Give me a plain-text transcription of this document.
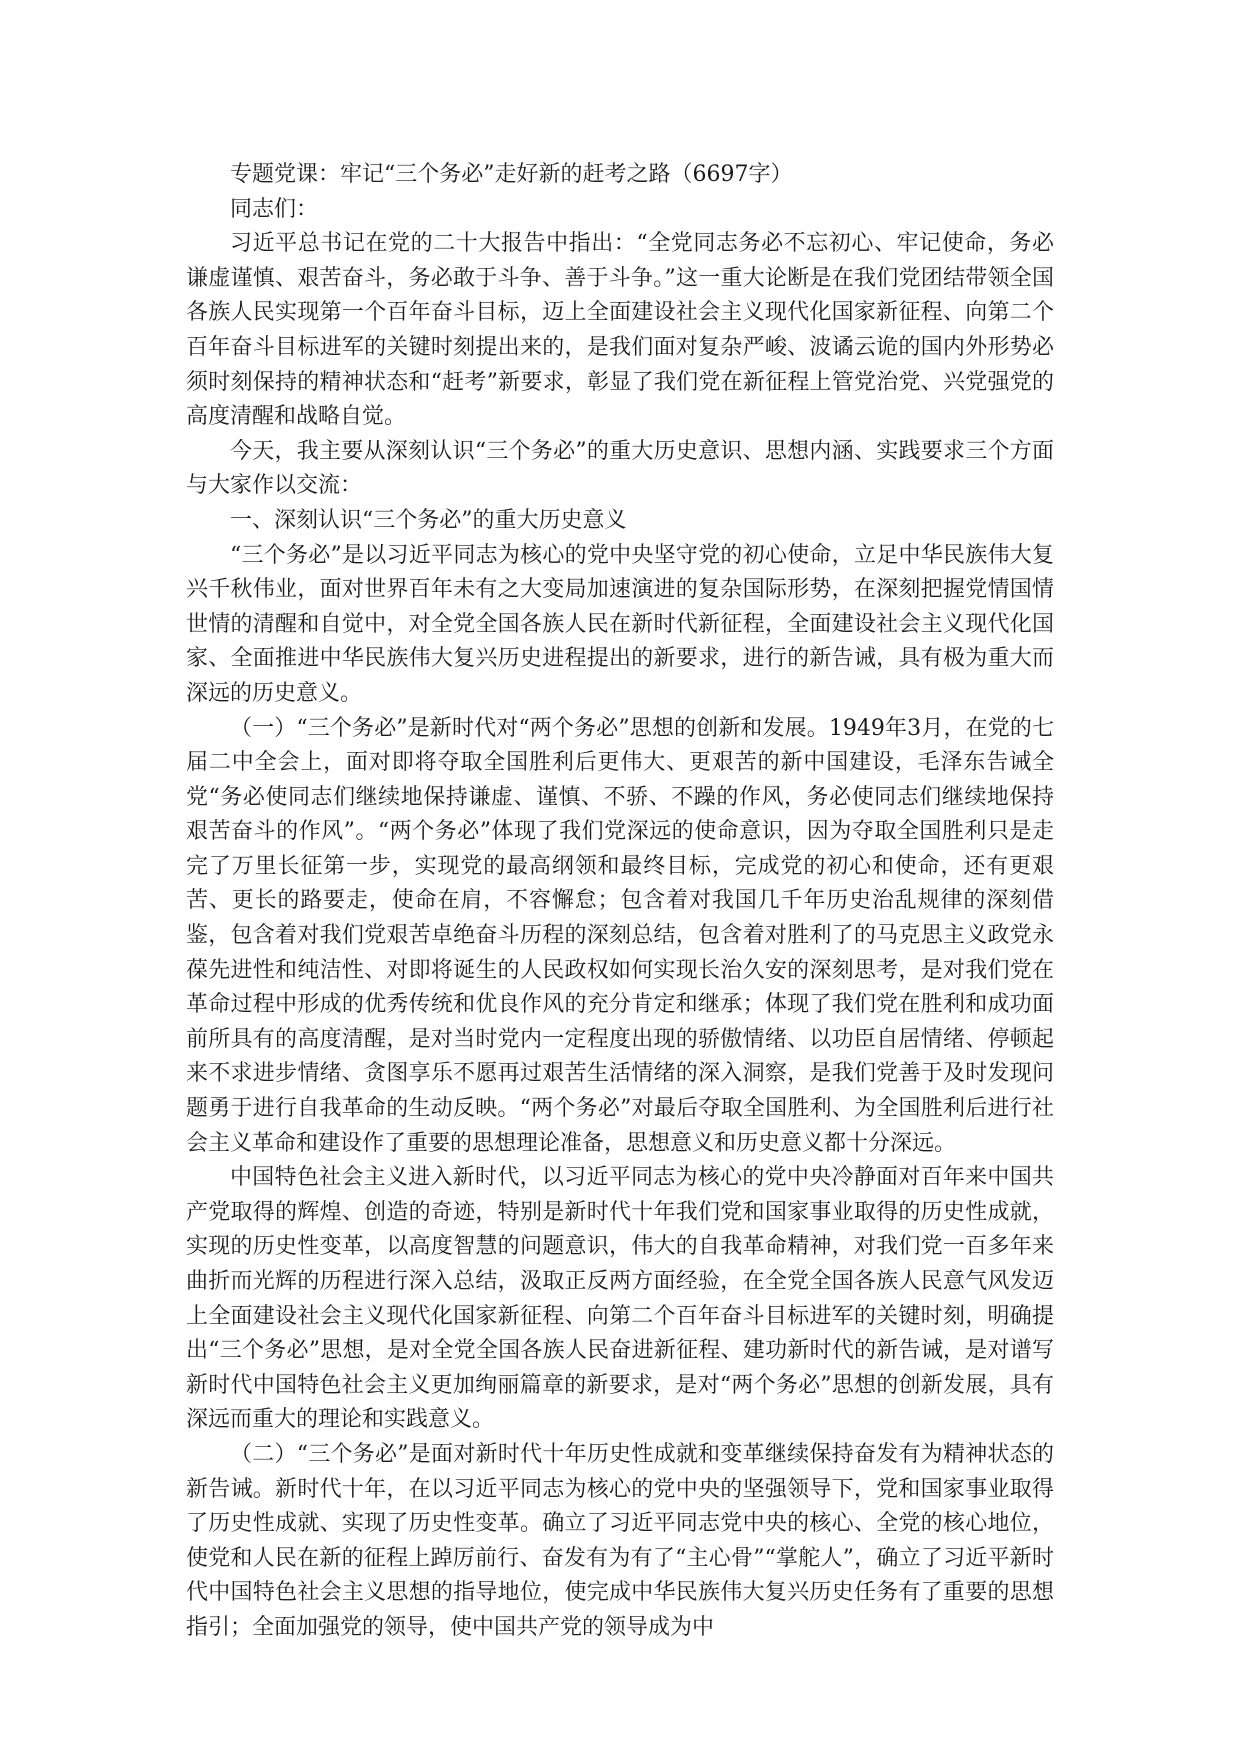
专题党课：牢记“三个务必”走好新的赶考之路（6697字）

同志们：

习近平总书记在党的二十大报告中指出：“全党同志务必不忘初心、牢记使命，务必谦虚谨慎、艰苦奋斗，务必敢于斗争、善于斗争。”这一重大论断是在我们党团结带领全国各族人民实现第一个百年奋斗目标，迈上全面建设社会主义现代化国家新征程、向第二个百年奋斗目标进军的关键时刻提出来的，是我们面对复杂严峻、波谲云诡的国内外形势必须时刻保持的精神状态和“赶考”新要求，彰显了我们党在新征程上管党治党、兴党强党的高度清醒和战略自觉。

今天，我主要从深刻认识“三个务必”的重大历史意识、思想内涵、实践要求三个方面与大家作以交流：

一、深刻认识“三个务必”的重大历史意义

“三个务必”是以习近平同志为核心的党中央坚守党的初心使命，立足中华民族伟大复兴千秋伟业，面对世界百年未有之大变局加速演进的复杂国际形势，在深刻把握党情国情世情的清醒和自觉中，对全党全国各族人民在新时代新征程，全面建设社会主义现代化国家、全面推进中华民族伟大复兴历史进程提出的新要求，进行的新告诫，具有极为重大而深远的历史意义。

（一）“三个务必”是新时代对“两个务必”思想的创新和发展。1949年3月，在党的七届二中全会上，面对即将夺取全国胜利后更伟大、更艰苦的新中国建设，毛泽东告诫全党“务必使同志们继续地保持谦虚、谨慎、不骄、不躁的作风，务必使同志们继续地保持艰苦奋斗的作风”。“两个务必”体现了我们党深远的使命意识，因为夺取全国胜利只是走完了万里长征第一步，实现党的最高纲领和最终目标，完成党的初心和使命，还有更艰苦、更长的路要走，使命在肩，不容懈怠；包含着对我国几千年历史治乱规律的深刻借鉴，包含着对我们党艰苦卓绝奋斗历程的深刻总结，包含着对胜利了的马克思主义政党永葆先进性和纯洁性、对即将诞生的人民政权如何实现长治久安的深刻思考，是对我们党在革命过程中形成的优秀传统和优良作风的充分肯定和继承；体现了我们党在胜利和成功面前所具有的高度清醒，是对当时党内一定程度出现的骄傲情绪、以功臣自居情绪、停顿起来不求进步情绪、贪图享乐不愿再过艰苦生活情绪的深入洞察，是我们党善于及时发现问题勇于进行自我革命的生动反映。“两个务必”对最后夺取全国胜利、为全国胜利后进行社会主义革命和建设作了重要的思想理论准备，思想意义和历史意义都十分深远。

中国特色社会主义进入新时代，以习近平同志为核心的党中央冷静面对百年来中国共产党取得的辉煌、创造的奇迹，特别是新时代十年我们党和国家事业取得的历史性成就，实现的历史性变革，以高度智慧的问题意识，伟大的自我革命精神，对我们党一百多年来曲折而光辉的历程进行深入总结，汲取正反两方面经验，在全党全国各族人民意气风发迈上全面建设社会主义现代化国家新征程、向第二个百年奋斗目标进军的关键时刻，明确提出“三个务必”思想，是对全党全国各族人民奋进新征程、建功新时代的新告诫，是对谱写新时代中国特色社会主义更加绚丽篇章的新要求，是对“两个务必”思想的创新发展，具有深远而重大的理论和实践意义。

（二）“三个务必”是面对新时代十年历史性成就和变革继续保持奋发有为精神状态的新告诫。新时代十年，在以习近平同志为核心的党中央的坚强领导下，党和国家事业取得了历史性成就、实现了历史性变革。确立了习近平同志党中央的核心、全党的核心地位，使党和人民在新的征程上踔厉前行、奋发有为有了“主心骨”“掌舵人”，确立了习近平新时代中国特色社会主义思想的指导地位，使完成中华民族伟大复兴历史任务有了重要的思想指引；全面加强党的领导，使中国共产党的领导成为中
